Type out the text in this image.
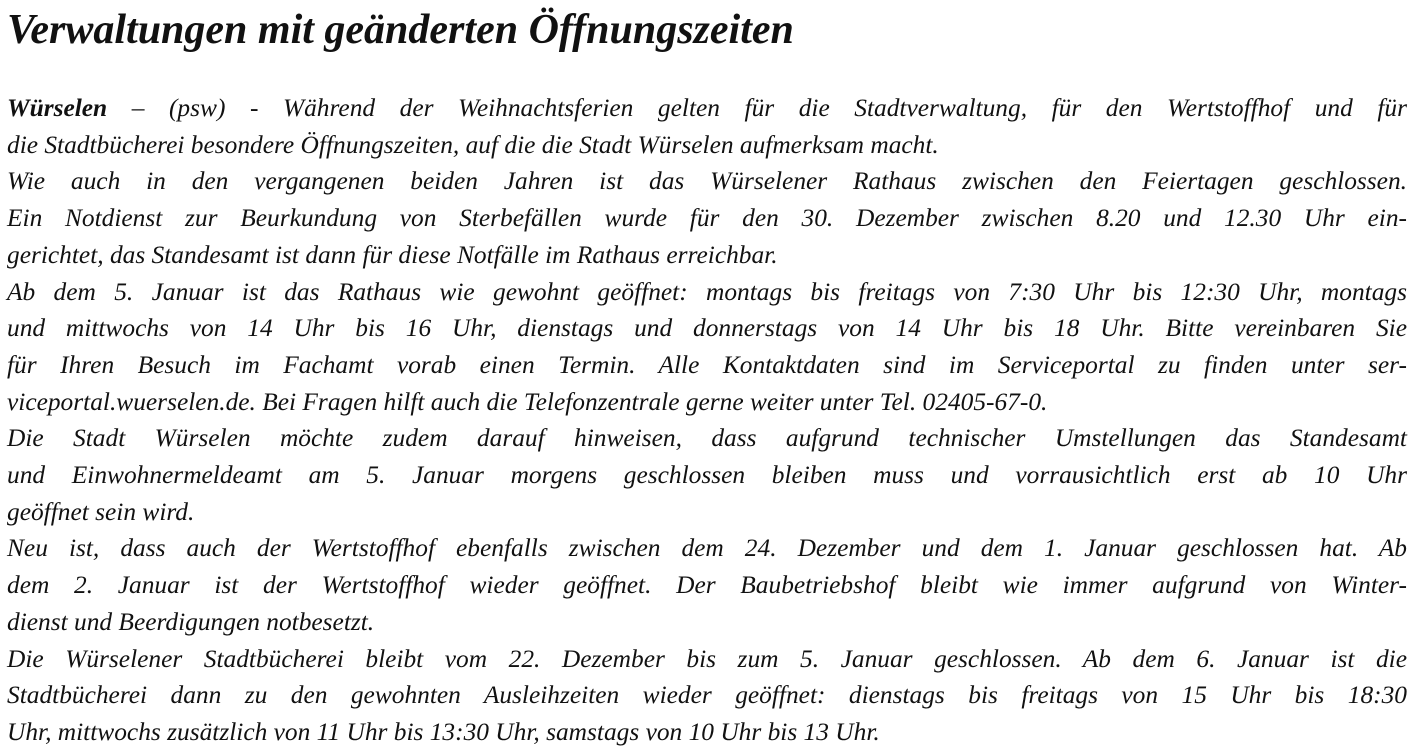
Verwaltungen mit geänderten Öffnungszeiten
Würselen – (psw) - Während der Weihnachtsferien gelten für die Stadtverwaltung, für den Wertstoffhof und für
die Stadtbücherei besondere Öffnungszeiten, auf die die Stadt Würselen aufmerksam macht.
Wie auch in den vergangenen beiden Jahren ist das Würselener Rathaus zwischen den Feiertagen geschlossen.
Ein Notdienst zur Beurkundung von Sterbefällen wurde für den 30. Dezember zwischen 8.20 und 12.30 Uhr ein-
gerichtet, das Standesamt ist dann für diese Notfälle im Rathaus erreichbar.
Ab dem 5. Januar ist das Rathaus wie gewohnt geöffnet: montags bis freitags von 7:30 Uhr bis 12:30 Uhr, montags
und mittwochs von 14 Uhr bis 16 Uhr, dienstags und donnerstags von 14 Uhr bis 18 Uhr. Bitte vereinbaren Sie
für Ihren Besuch im Fachamt vorab einen Termin. Alle Kontaktdaten sind im Serviceportal zu finden unter ser-
viceportal.wuerselen.de. Bei Fragen hilft auch die Telefonzentrale gerne weiter unter Tel. 02405-67-0.
Die Stadt Würselen möchte zudem darauf hinweisen, dass aufgrund technischer Umstellungen das Standesamt
und Einwohnermeldeamt am 5. Januar morgens geschlossen bleiben muss und vorrausichtlich erst ab 10 Uhr
geöffnet sein wird.
Neu ist, dass auch der Wertstoffhof ebenfalls zwischen dem 24. Dezember und dem 1. Januar geschlossen hat. Ab
dem 2. Januar ist der Wertstoffhof wieder geöffnet. Der Baubetriebshof bleibt wie immer aufgrund von Winter-
dienst und Beerdigungen notbesetzt.
Die Würselener Stadtbücherei bleibt vom 22. Dezember bis zum 5. Januar geschlossen. Ab dem 6. Januar ist die
Stadtbücherei dann zu den gewohnten Ausleihzeiten wieder geöffnet: dienstags bis freitags von 15 Uhr bis 18:30
Uhr, mittwochs zusätzlich von 11 Uhr bis 13:30 Uhr, samstags von 10 Uhr bis 13 Uhr.
